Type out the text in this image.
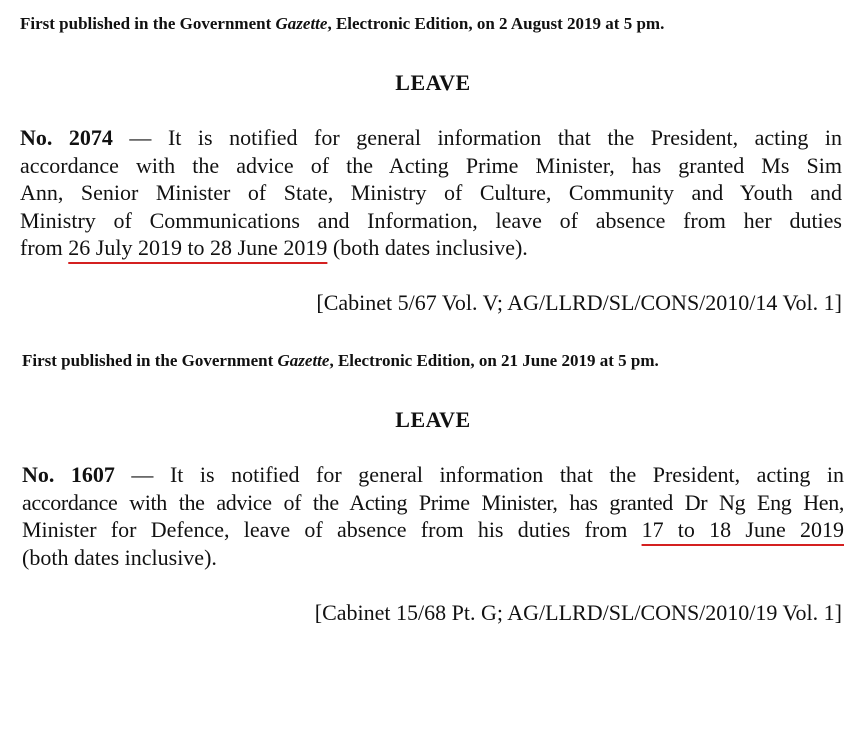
First published in the Government Gazette, Electronic Edition, on 2 August 2019 at 5 pm.
LEAVE
No. 2074 — It is notified for general information that the President, acting in
accordance with the advice of the Acting Prime Minister, has granted Ms Sim
Ann, Senior Minister of State, Ministry of Culture, Community and Youth and
Ministry of Communications and Information, leave of absence from her duties
from 26 July 2019 to 28 June 2019 (both dates inclusive).
[Cabinet 5/67 Vol. V; AG/LLRD/SL/CONS/2010/14 Vol. 1]
First published in the Government Gazette, Electronic Edition, on 21 June 2019 at 5 pm.
LEAVE
No. 1607 — It is notified for general information that the President, acting in
accordance with the advice of the Acting Prime Minister, has granted Dr Ng Eng Hen,
Minister for Defence, leave of absence from his duties from 17 to 18 June 2019
(both dates inclusive).
[Cabinet 15/68 Pt. G; AG/LLRD/SL/CONS/2010/19 Vol. 1]
